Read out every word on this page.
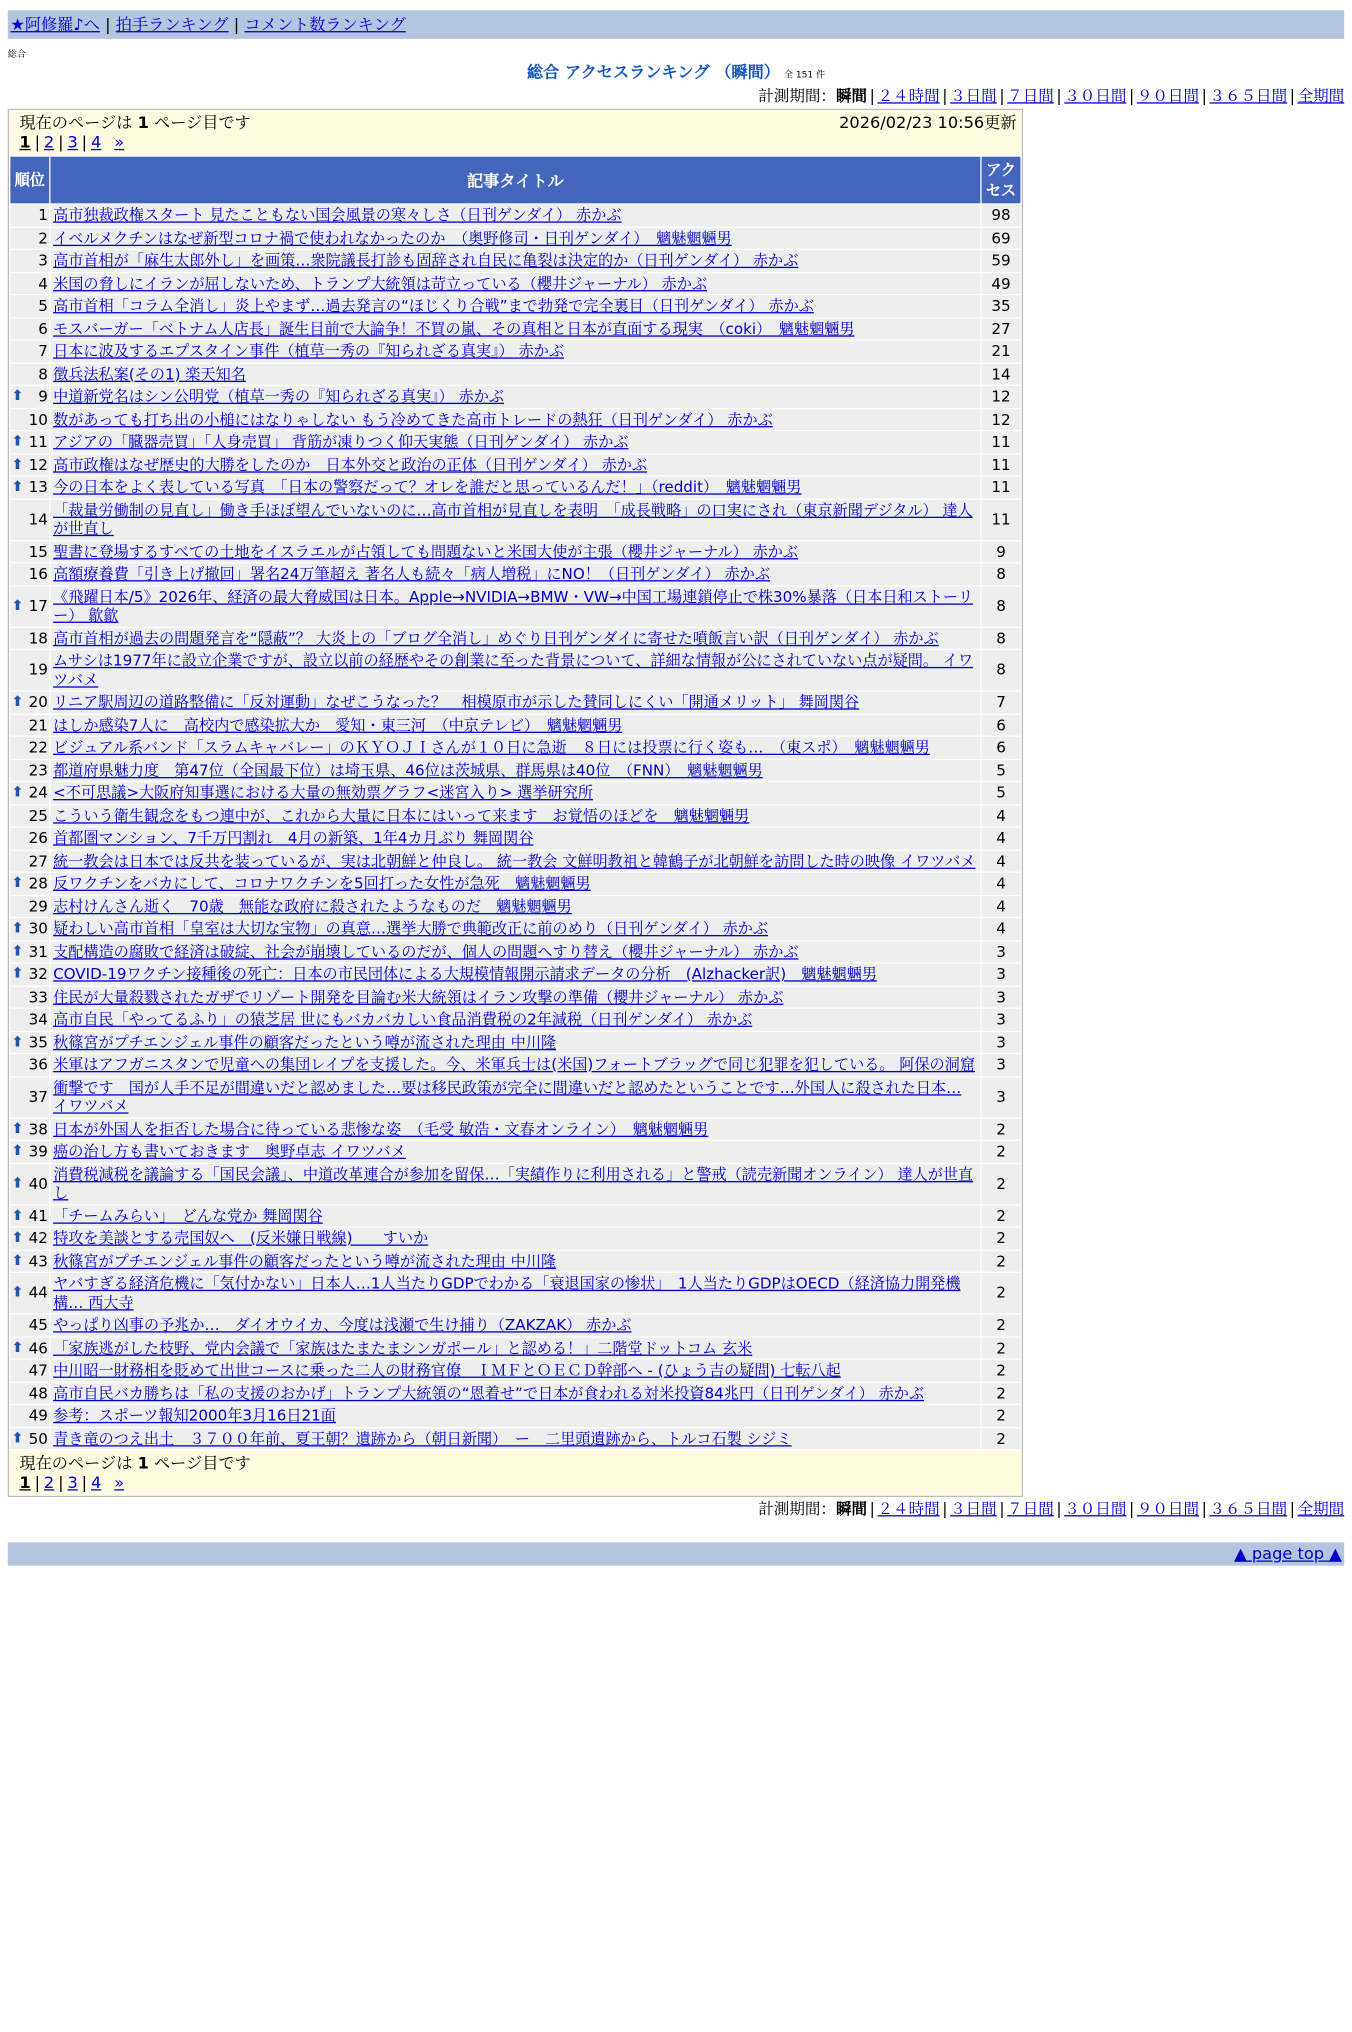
★阿修羅♪へ | 拍手ランキング | コメント数ランキング
総合
総合 アクセスランキング （瞬間） 全 151 件
計測期間：瞬間 | ２４時間 | ３日間 | ７日間 | ３０日間 | ９０日間 | ３６５日間 | 全期間
現在のページは 1 ページ目です	2026/02/23 10:56更新
1 | 2 | 3 | 4 »
順位	記事タイトル	アクセス
1	高市独裁政権スタート 見たこともない国会風景の寒々しさ（日刊ゲンダイ） 赤かぶ	98
2	イベルメクチンはなぜ新型コロナ禍で使われなかったのか　（奥野修司・日刊ゲンダイ）　魑魅魍魎男	69
3	高市首相が「麻生太郎外し」を画策…衆院議長打診も固辞され自民に亀裂は決定的か（日刊ゲンダイ） 赤かぶ	59
4	米国の脅しにイランが屈しないため、トランプ大統領は苛立っている（櫻井ジャーナル） 赤かぶ	49
5	高市首相「コラム全消し」炎上やまず…過去発言の“ほじくり合戦”まで勃発で完全裏目（日刊ゲンダイ） 赤かぶ	35
6	モスバーガー「ベトナム人店長」誕生目前で大論争！不買の嵐、その真相と日本が直面する現実　（coki）　魑魅魍魎男	27
7	日本に波及するエプスタイン事件（植草一秀の『知られざる真実』） 赤かぶ	21
8	徴兵法私案(その1) 楽天知名	14

⬆ 9	中道新党名はシン公明党（植草一秀の『知られざる真実』） 赤かぶ	12
10	数があっても打ち出の小槌にはなりゃしない もう冷めてきた高市トレードの熱狂（日刊ゲンダイ） 赤かぶ	12

⬆ 11	アジアの「臓器売買」「人身売買」 背筋が凍りつく仰天実態（日刊ゲンダイ） 赤かぶ	11

⬆ 12	高市政権はなぜ歴史的大勝をしたのか　日本外交と政治の正体（日刊ゲンダイ） 赤かぶ	11

⬆ 13	今の日本をよく表している写真　「日本の警察だって？オレを誰だと思っているんだ！」（reddit）　魑魅魍魎男	11
14	「裁量労働制の見直し」働き手ほぼ望んでいないのに…高市首相が見直しを表明　「成長戦略」の口実にされ（東京新聞デジタル） 達人が世直し	11
15	聖書に登場するすべての土地をイスラエルが占領しても問題ないと米国大使が主張（櫻井ジャーナル） 赤かぶ	9
16	高額療養費「引き上げ撤回」署名24万筆超え 著名人も続々「病人増税」にNO！（日刊ゲンダイ） 赤かぶ	8

⬆ 17	《飛躍日本/5》2026年、経済の最大脅威国は日本。Apple→NVIDIA→BMW・VW→中国工場連鎖停止で株30%暴落（日本日和ストーリー） 歙歙	8
18	高市首相が過去の問題発言を“隠蔽”？ 大炎上の「ブログ全消し」めぐり日刊ゲンダイに寄せた噴飯言い訳（日刊ゲンダイ） 赤かぶ	8
19	ムサシは1977年に設立企業ですが、設立以前の経歴やその創業に至った背景について、詳細な情報が公にされていない点が疑問。 イワツバメ	8

⬆ 20	リニア駅周辺の道路整備に「反対運動」なぜこうなった？　相模原市が示した賛同しにくい「開通メリット」 舞岡関谷	7
21	はしか感染7人に　高校内で感染拡大か　愛知・東三河　（中京テレビ）　魑魅魍魎男	6
22	ビジュアル系バンド「スラムキャバレー」のＫＹＯＪＩさんが１０日に急逝　８日には投票に行く姿も…　（東スポ）　魑魅魍魎男	6
23	都道府県魅力度　第47位（全国最下位）は埼玉県、46位は茨城県、群馬県は40位　（FNN）　魑魅魍魎男	5

⬆ 24	<不可思議>大阪府知事選における大量の無効票グラフ<迷宮入り> 選挙研究所	5
25	こういう衛生観念をもつ連中が、これから大量に日本にはいって来ます　お覚悟のほどを　魑魅魍魎男	4
26	首都圏マンション、7千万円割れ　4月の新築、1年4カ月ぶり 舞岡関谷	4
27	統一教会は日本では反共を装っているが、実は北朝鮮と仲良し。 統一教会 文鮮明教祖と韓鶴子が北朝鮮を訪問した時の映像 イワツバメ	4

⬆ 28	反ワクチンをバカにして、コロナワクチンを5回打った女性が急死　魑魅魍魎男	4
29	志村けんさん逝く　70歳　無能な政府に殺されたようなものだ　魑魅魍魎男	4

⬆ 30	疑わしい高市首相「皇室は大切な宝物」の真意…選挙大勝で典範改正に前のめり（日刊ゲンダイ） 赤かぶ	4

⬆ 31	支配構造の腐敗で経済は破綻、社会が崩壊しているのだが、個人の問題へすり替え（櫻井ジャーナル） 赤かぶ	3

⬆ 32	COVID-19ワクチン接種後の死亡：日本の市民団体による大規模情報開示請求データの分析　(Alzhacker訳)　魑魅魍魎男	3
33	住民が大量殺戮されたガザでリゾート開発を目論む米大統領はイラン攻撃の準備（櫻井ジャーナル） 赤かぶ	3
34	高市自民「やってるふり」の猿芝居 世にもバカバカしい食品消費税の2年減税（日刊ゲンダイ） 赤かぶ	3

⬆ 35	秋篠宮がプチエンジェル事件の顧客だったという噂が流された理由 中川隆	3
36	米軍はアフガニスタンで児童への集団レイプを支援した。今、米軍兵士は(米国)フォートブラッグで同じ犯罪を犯している。 阿保の洞窟	3
37	衝撃です　国が人手不足が間違いだと認めました…要は移民政策が完全に間違いだと認めたということです…外国人に殺された日本… イワツバメ	3

⬆ 38	日本が外国人を拒否した場合に待っている悲惨な姿　（毛受 敏浩・文春オンライン）　魑魅魍魎男	2

⬆ 39	癌の治し方も書いておきます　奥野卓志 イワツバメ	2

⬆ 40	消費税減税を議論する「国民会議」、中道改革連合が参加を留保…「実績作りに利用される」と警戒（読売新聞オンライン） 達人が世直し	2

⬆ 41	「チームみらい」　どんな党か 舞岡関谷	2

⬆ 42	特攻を美談とする売国奴へ　(反米嫌日戦線)　　すいか	2

⬆ 43	秋篠宮がプチエンジェル事件の顧客だったという噂が流された理由 中川隆	2

⬆ 44	ヤバすぎる経済危機に「気付かない」日本人…1人当たりGDPでわかる「衰退国家の惨状」　1人当たりGDPはOECD（経済協力開発機構… 西大寺	2
45	やっぱり凶事の予兆か…　ダイオウイカ、今度は浅瀬で生け捕り（ZAKZAK） 赤かぶ	2

⬆ 46	「家族逃がした枝野、党内会議で「家族はたまたまシンガポール」と認める！」二階堂ドットコム 玄米	2
47	中川昭一財務相を貶めて出世コースに乗った二人の財務官僚　ＩＭＦとＯＥＣＤ幹部へ - (ひょう吉の疑問) 七転八起	2
48	高市自民バカ勝ちは「私の支援のおかげ」トランプ大統領の“恩着せ”で日本が食われる対米投資84兆円（日刊ゲンダイ） 赤かぶ	2
49	参考：スポーツ報知2000年3月16日21面	2

⬆ 50	青き竜のつえ出土　３７００年前、夏王朝？遺跡から（朝日新聞）　ー　二里頭遺跡から、トルコ石製 シジミ	2
現在のページは 1 ページ目です
1 | 2 | 3 | 4 »
計測期間：瞬間 | ２４時間 | ３日間 | ７日間 | ３０日間 | ９０日間 | ３６５日間 | 全期間
▲ page top ▲
